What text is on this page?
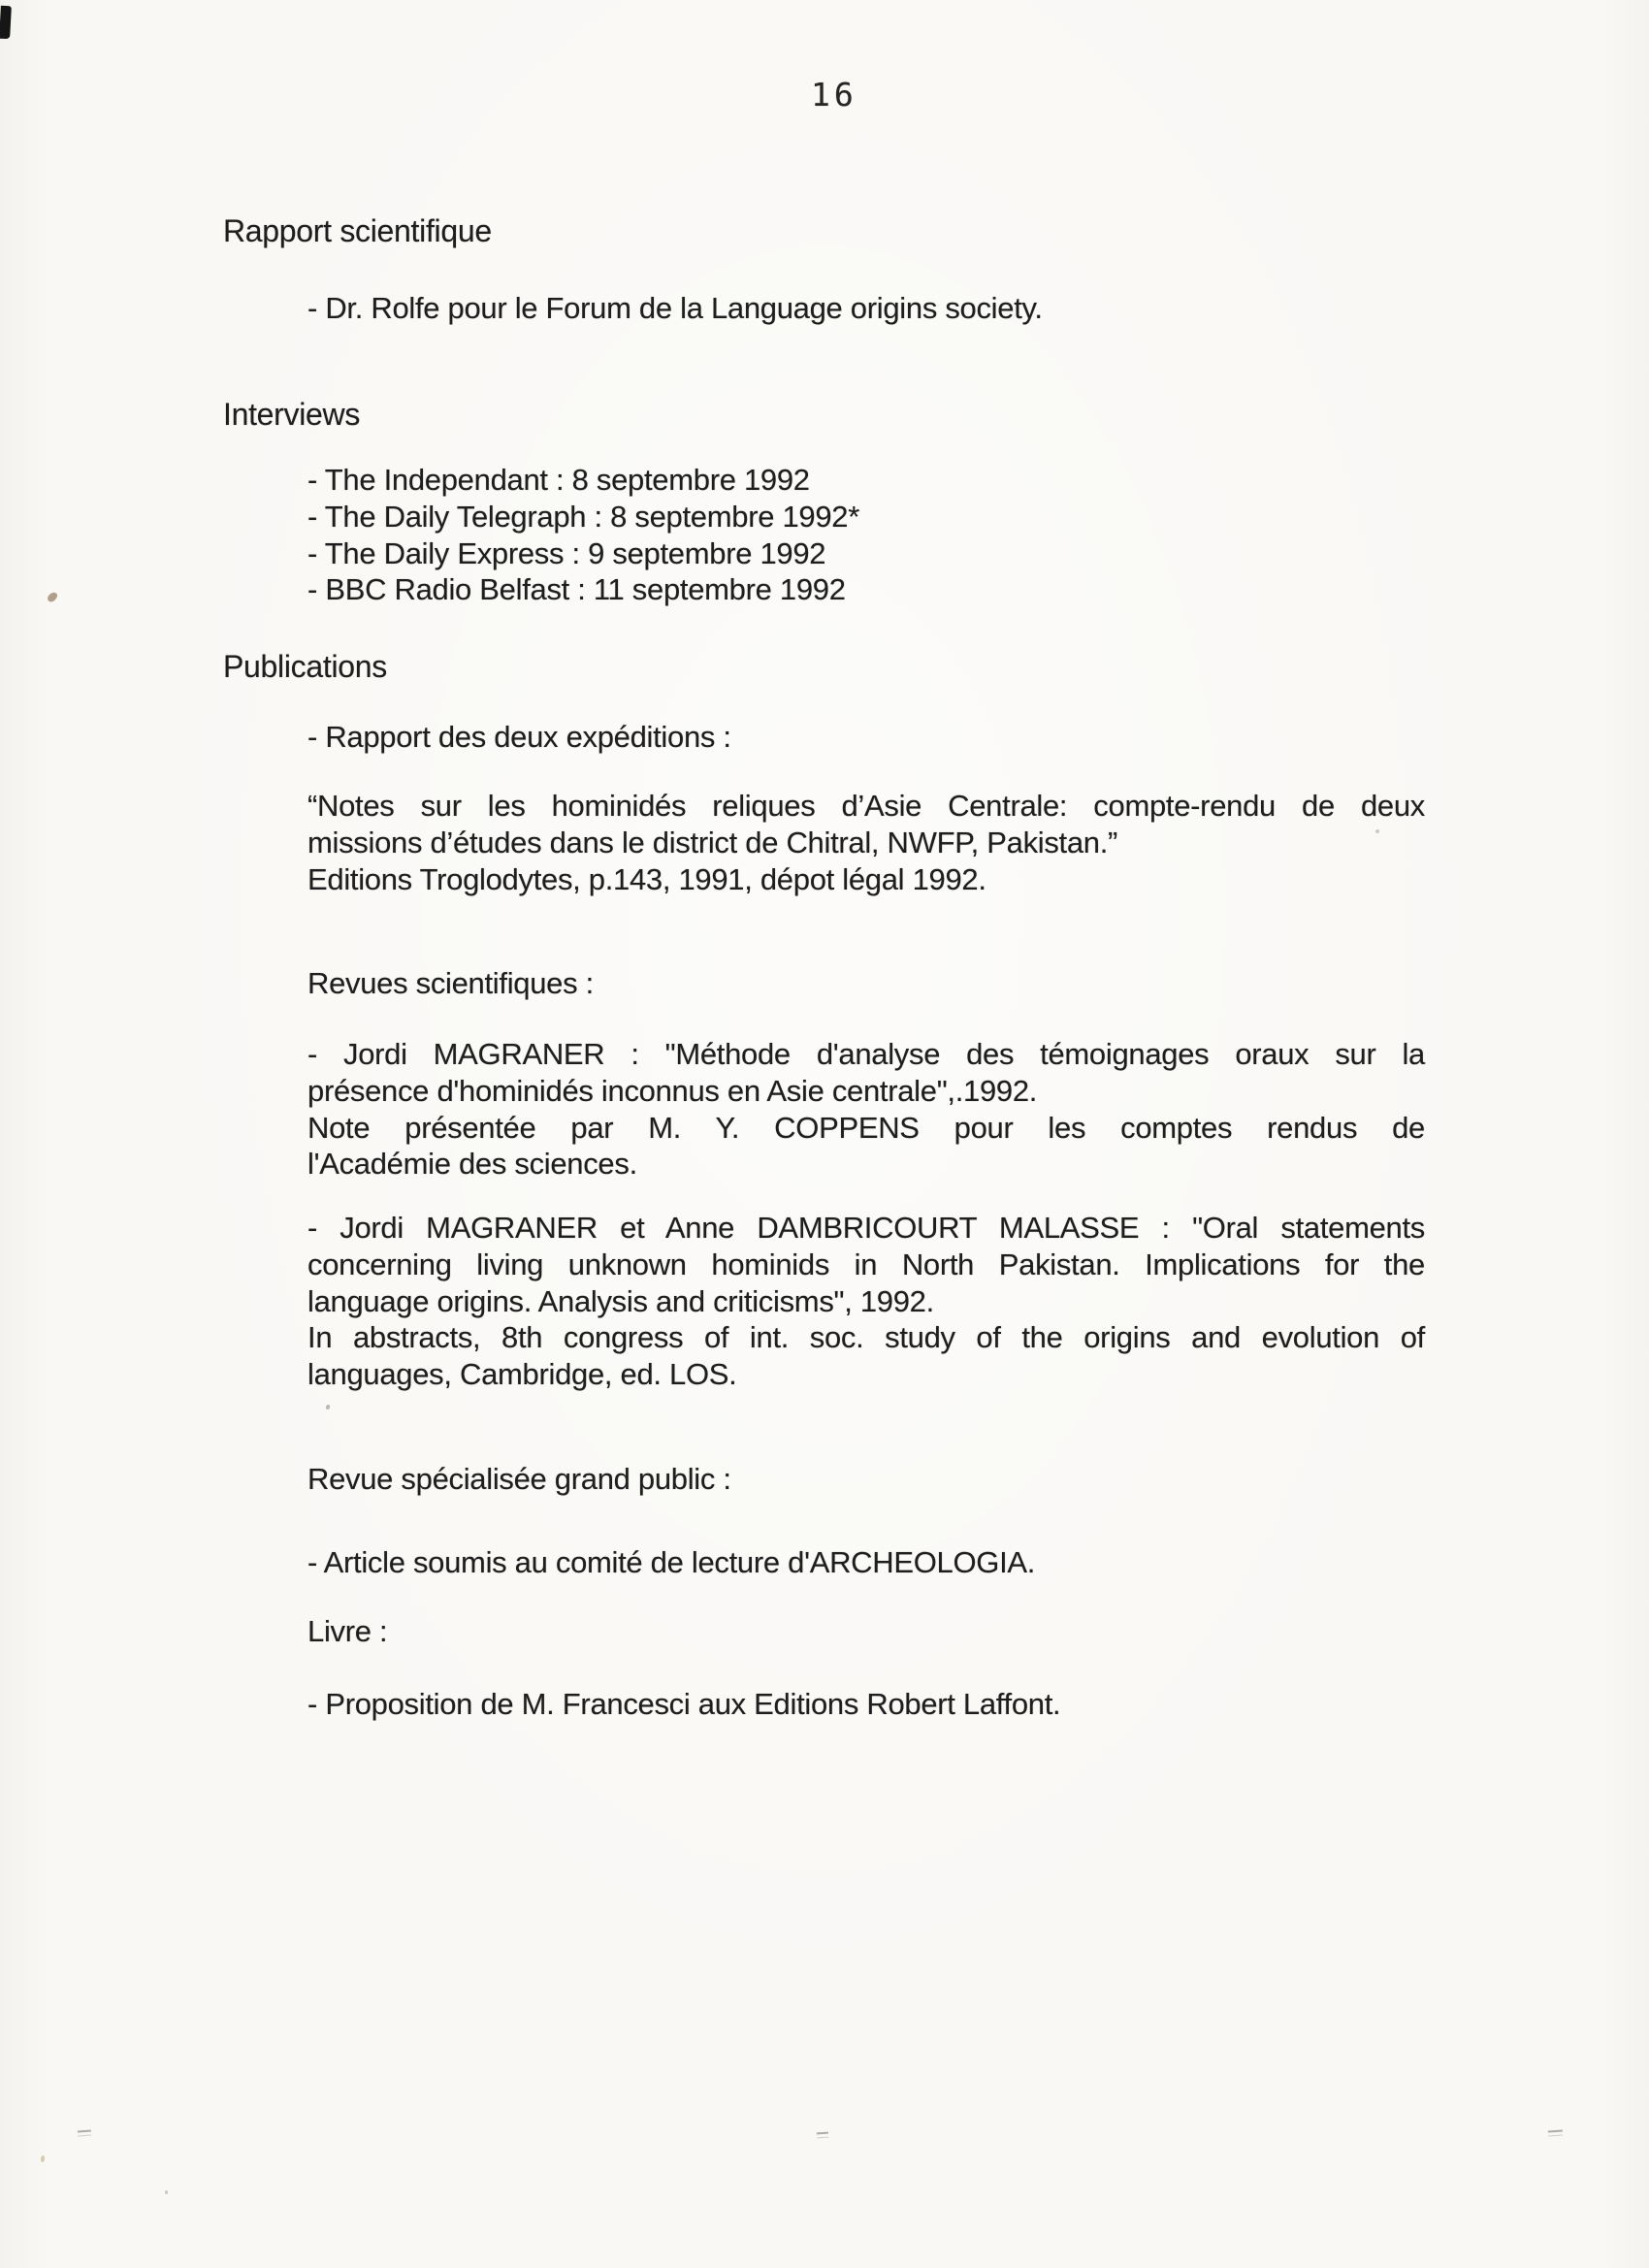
16
Rapport scientifique
- Dr. Rolfe pour le Forum de la Language origins society.
Interviews
- The Independant : 8 septembre 1992
- The Daily Telegraph : 8 septembre 1992*
- The Daily Express : 9 septembre 1992
- BBC Radio Belfast : 11 septembre 1992
Publications
- Rapport des deux expéditions :
“Notes sur les hominidés reliques d’Asie Centrale: compte-rendu de deux
missions d’études dans le district de Chitral, NWFP, Pakistan.”
Editions Troglodytes, p.143, 1991, dépot légal 1992.
Revues scientifiques :
- Jordi MAGRANER : "Méthode d'analyse des témoignages oraux sur la
présence d'hominidés inconnus en Asie centrale",.1992.
Note présentée par M. Y. COPPENS pour les comptes rendus de
l'Académie des sciences.
- Jordi MAGRANER et Anne DAMBRICOURT MALASSE : "Oral statements
concerning living unknown hominids in North Pakistan. Implications for the
language origins. Analysis and criticisms", 1992.
In abstracts, 8th congress of int. soc. study of the origins and evolution of
languages, Cambridge, ed. LOS.
Revue spécialisée grand public :
- Article soumis au comité de lecture d'ARCHEOLOGIA.
Livre :
- Proposition de M. Francesci aux Editions Robert Laffont.
